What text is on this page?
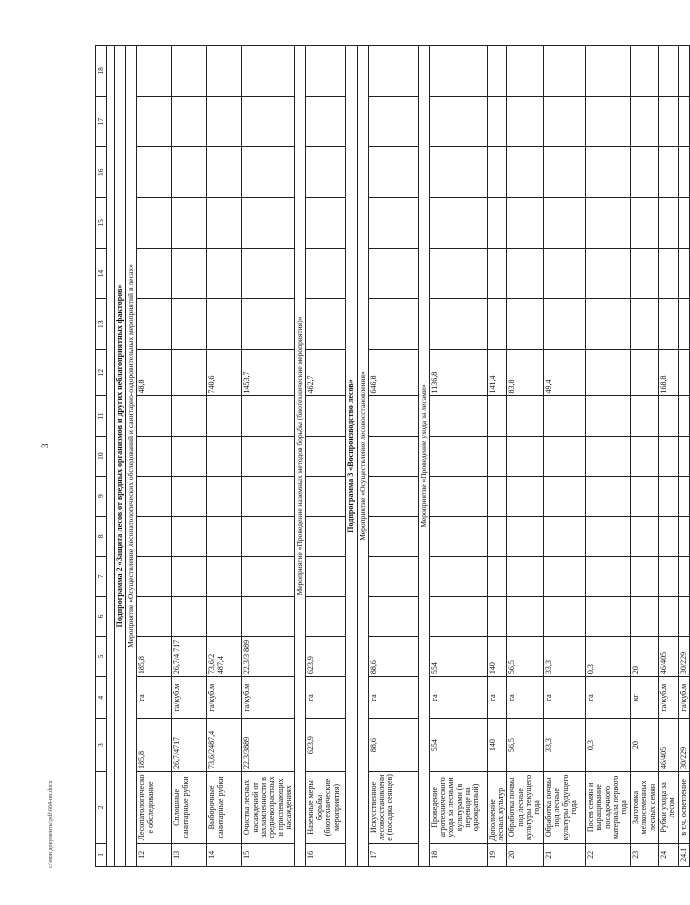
3
c:\мои документы\pdf\664-нп.docx	1	2	3	4	5	6	7	8	9	10	11	12	13	14	15	16	17	18

Подпрограмма 2 «Защита лесов от вредных организмов и других неблагоприятных факторов»																	
Мероприятие «Осуществление лесопатологических обследований и санитарно-оздоровительных мероприятий в лесах»																	
12	Лесопатологическое обследование	185,8	га	185,8							48,8						
13	Сплошные санитарные рубки	26,7/4717	га/куб.м	26,7/4 717													
14	Выборочные санитарные рубки	73,6/2487,4	га/куб.м	73,6/2 487,4							740,6						
15	Очистка лесных насаждений от захламленности в средневозрастных и приспевающих насаждениях	22,3/3889	га/куб.м	22,3/3 889							1453,7						
Мероприятие «Проведение наземных методов борьбы (биотехнические мероприятия)»																	
16	Наземные меры борьбы (биотехнические мероприятия)	623,9	га	623,9							462,7						
Подпрограмма 3 «Воспроизводство лесов»																	
Мероприятие «Осуществление лесовосстановления»																	
17	Искусственное лесовосстановление (посадка сеянцев)	88,6	га	88,6							646,8						
Мероприятие «Проведение ухода за лесами»																	
18	Проведение агротехнического ухода за лесными культурами (в переводе на однократный)	554	га	554							1136,8						
19	Дополнение лесных культур	140	га	140							141,4						
20	Обработка почвы под лесные культуры текущего года	56,5	га	56,5							83,8						
21	Обработка почвы под лесные культуры будущего года	33,3	га	33,3							49,4						
22	Посев семян и выращивание посадочного материала первого года	0,3	га	0,3													
23	Заготовка мелкосеменных лесных семян	20	кг	20													
24	Рубки ухода за лесом	46/405	га/куб.м	46/405							168,8						
24.1	в т.ч. осветление	30/229	га/куб.м	30/229													
